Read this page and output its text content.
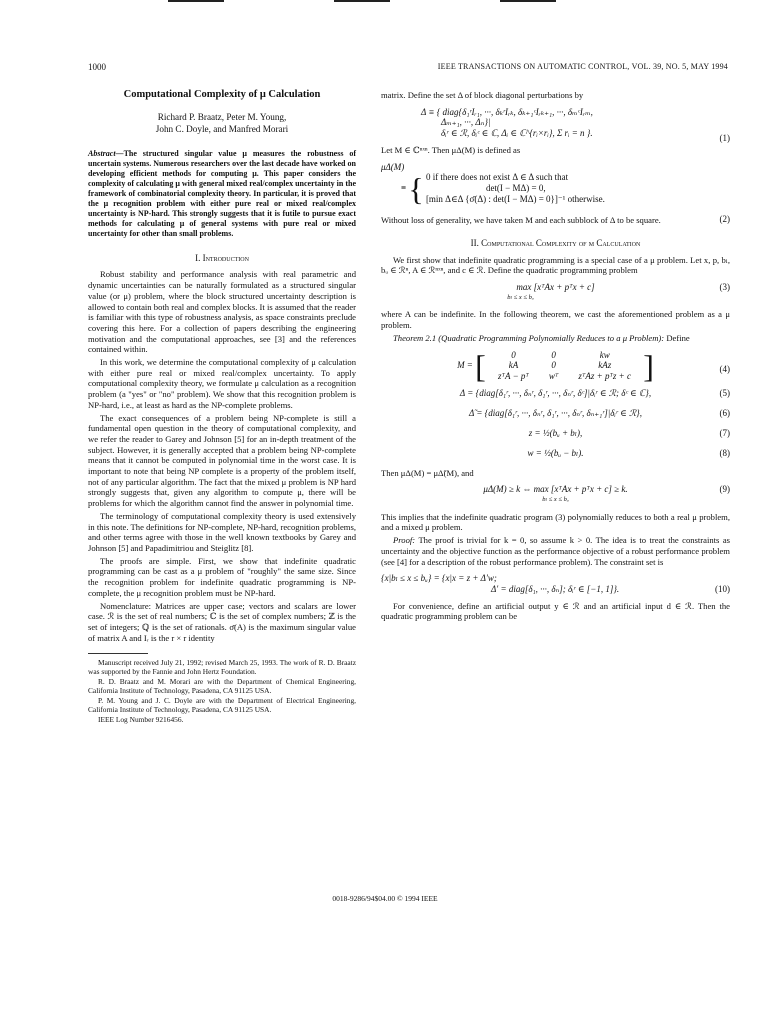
1000	IEEE TRANSACTIONS ON AUTOMATIC CONTROL, VOL. 39, NO. 5, MAY 1994
Computational Complexity of μ Calculation
Richard P. Braatz, Peter M. Young,
John C. Doyle, and Manfred Morari
Abstract—The structured singular value μ measures the robustness of uncertain systems. Numerous researchers over the last decade have worked on developing efficient methods for computing μ. This paper considers the complexity of calculating μ with general mixed real/complex uncertainty in the framework of combinatorial complexity theory. In particular, it is proved that the μ recognition problem with either pure real or mixed real/complex uncertainty is NP-hard. This strongly suggests that it is futile to pursue exact methods for calculating μ of general systems with pure real or mixed uncertainty for other than small problems.
I. Introduction

Robust stability and performance analysis with real parametric and dynamic uncertainties can be naturally formulated as a structured singular value (or μ) problem, where the block structured uncertainty description is allowed to contain both real and complex blocks. It is assumed that the reader is familiar with this type of robustness analysis, as space constraints preclude covering this here. For a collection of papers describing the engineering motivation and the computational approaches, see [3] and the references contained within.

In this work, we determine the computational complexity of μ calculation with either pure real or mixed real/complex uncertainty. To apply computational complexity theory, we formulate μ calculation as a recognition problem (a "yes" or "no" problem). We show that this recognition problem is NP-hard, i.e., at least as hard as the NP-complete problems.

The exact consequences of a problem being NP-complete is still a fundamental open question in the theory of computational complexity, and we refer the reader to Garey and Johnson [5] for an in-depth treatment of the subject. However, it is generally accepted that a problem being NP-complete means that it cannot be computed in polynomial time in the worst case. It is important to note that being NP complete is a property of the problem itself, not of any particular algorithm. The fact that the mixed μ problem is NP hard strongly suggests that, given any algorithm to compute μ, there will be problems for which the algorithm cannot find the answer in polynomial time.

The terminology of computational complexity theory is used extensively in this note. The definitions for NP-complete, NP-hard, recognition problems, and other terms agree with those in the well known textbooks by Garey and Johnson [5] and Papadimitriou and Steiglitz [8].

The proofs are simple. First, we show that indefinite quadratic programming can be cast as a μ problem of "roughly" the same size. Since the recognition problem for indefinite quadratic programming is NP-complete, the μ recognition problem must be NP-hard.

Nomenclature: Matrices are upper case; vectors and scalars are lower case. ℛ is the set of real numbers; ℂ is the set of complex numbers; ℤ is the set of integers; ℚ is the set of rationals. σ̄(A) is the maximum singular value of matrix A and Iᵣ is the r × r identity

Manuscript received July 21, 1992; revised March 25, 1993. The work of R. D. Braatz was supported by the Fannie and John Hertz Foundation.

R. D. Braatz and M. Morari are with the Department of Chemical Engineering, California Institute of Technology, Pasadena, CA 91125 USA.

P. M. Young and J. C. Doyle are with the Department of Electrical Engineering, California Institute of Technology, Pasadena, CA 91125 USA.

IEEE Log Number 9216456.

matrix. Define the set Δ of block diagonal perturbations by

Δ ≡ { diag{δ₁ʳIᵣ₁, ···, δₖʳIᵣₖ, δₖ₊₁ᶜIᵣₖ₊₁, ···, δₘᶜIᵣₘ,
Δₘ₊₁, ···, Δₙ}|
δᵢʳ ∈ ℛ, δᵢᶜ ∈ ℂ, Δᵢ ∈ ℂ^{rᵢ×rᵢ}, Σ rᵢ = n }.	(1)

Let M ∈ ℂⁿˣⁿ. Then μΔ(M) is defined as

μΔ(M)
≡ { 0 if there does not exist Δ ∈ Δ such that
det(I − MΔ) = 0,
[min Δ∈Δ {σ̄(Δ) : det(I − MΔ) = 0}]⁻¹ otherwise.
(2)

Without loss of generality, we have taken M and each subblock of Δ to be square.

II. Computational Complexity of μ Calculation

We first show that indefinite quadratic programming is a special case of a μ problem. Let x, p, bₗ, bᵤ ∈ ℛⁿ, A ∈ ℛⁿˣⁿ, and c ∈ ℛ. Define the quadratic programming problem

max [xᵀAx + pᵀx + c]
bₗ ≤ x ≤ bᵤ
(3)

where A can be indefinite. In the following theorem, we cast the aforementioned problem as a μ problem.

Theorem 2.1 (Quadratic Programming Polynomially Reduces to a μ Problem): Define

M = [	0	0	kw
kA	0	kAz
zᵀA − pᵀ	wᵀ	zᵀAz + pᵀz + c ]	(4)
Δ = {diag[δ₁ʳ, ···, δₙʳ, δ₁ʳ, ···, δₙʳ, δᶜ]|δᵢʳ ∈ ℛ; δᶜ ∈ ℂ},	(5)
Δ̃ = {diag[δ₁ʳ, ···, δₙʳ, δ₁ʳ, ···, δₙʳ, δₙ₊₁ʳ]|δᵢʳ ∈ ℛ},	(6)
z = ½(bᵤ + bₗ),	(7)
w = ½(bᵤ − bₗ).	(8)

Then μΔ(M) = μΔ̃(M), and

μΔ(M) ≥ k ⇔ max [xᵀAx + pᵀx + c] ≥ k.
bₗ ≤ x ≤ bᵤ
(9)

This implies that the indefinite quadratic program (3) polynomially reduces to both a real μ problem, and a mixed μ problem.

Proof: The proof is trivial for k = 0, so assume k > 0. The idea is to treat the constraints as uncertainty and the objective function as the performance objective of a robust performance problem (see [4] for a description of the robust performance problem). The constraint set is

{x|bₗ ≤ x ≤ bᵤ} = {x|x = z + Δ′w;
Δ′ = diag[δ₁, ···, δₙ]; δᵢʳ ∈ [−1, 1]}.	(10)

For convenience, define an artificial output y ∈ ℛ and an artificial input d ∈ ℛ. Then the quadratic programming problem can be

0018-9286/94$04.00 © 1994 IEEE
